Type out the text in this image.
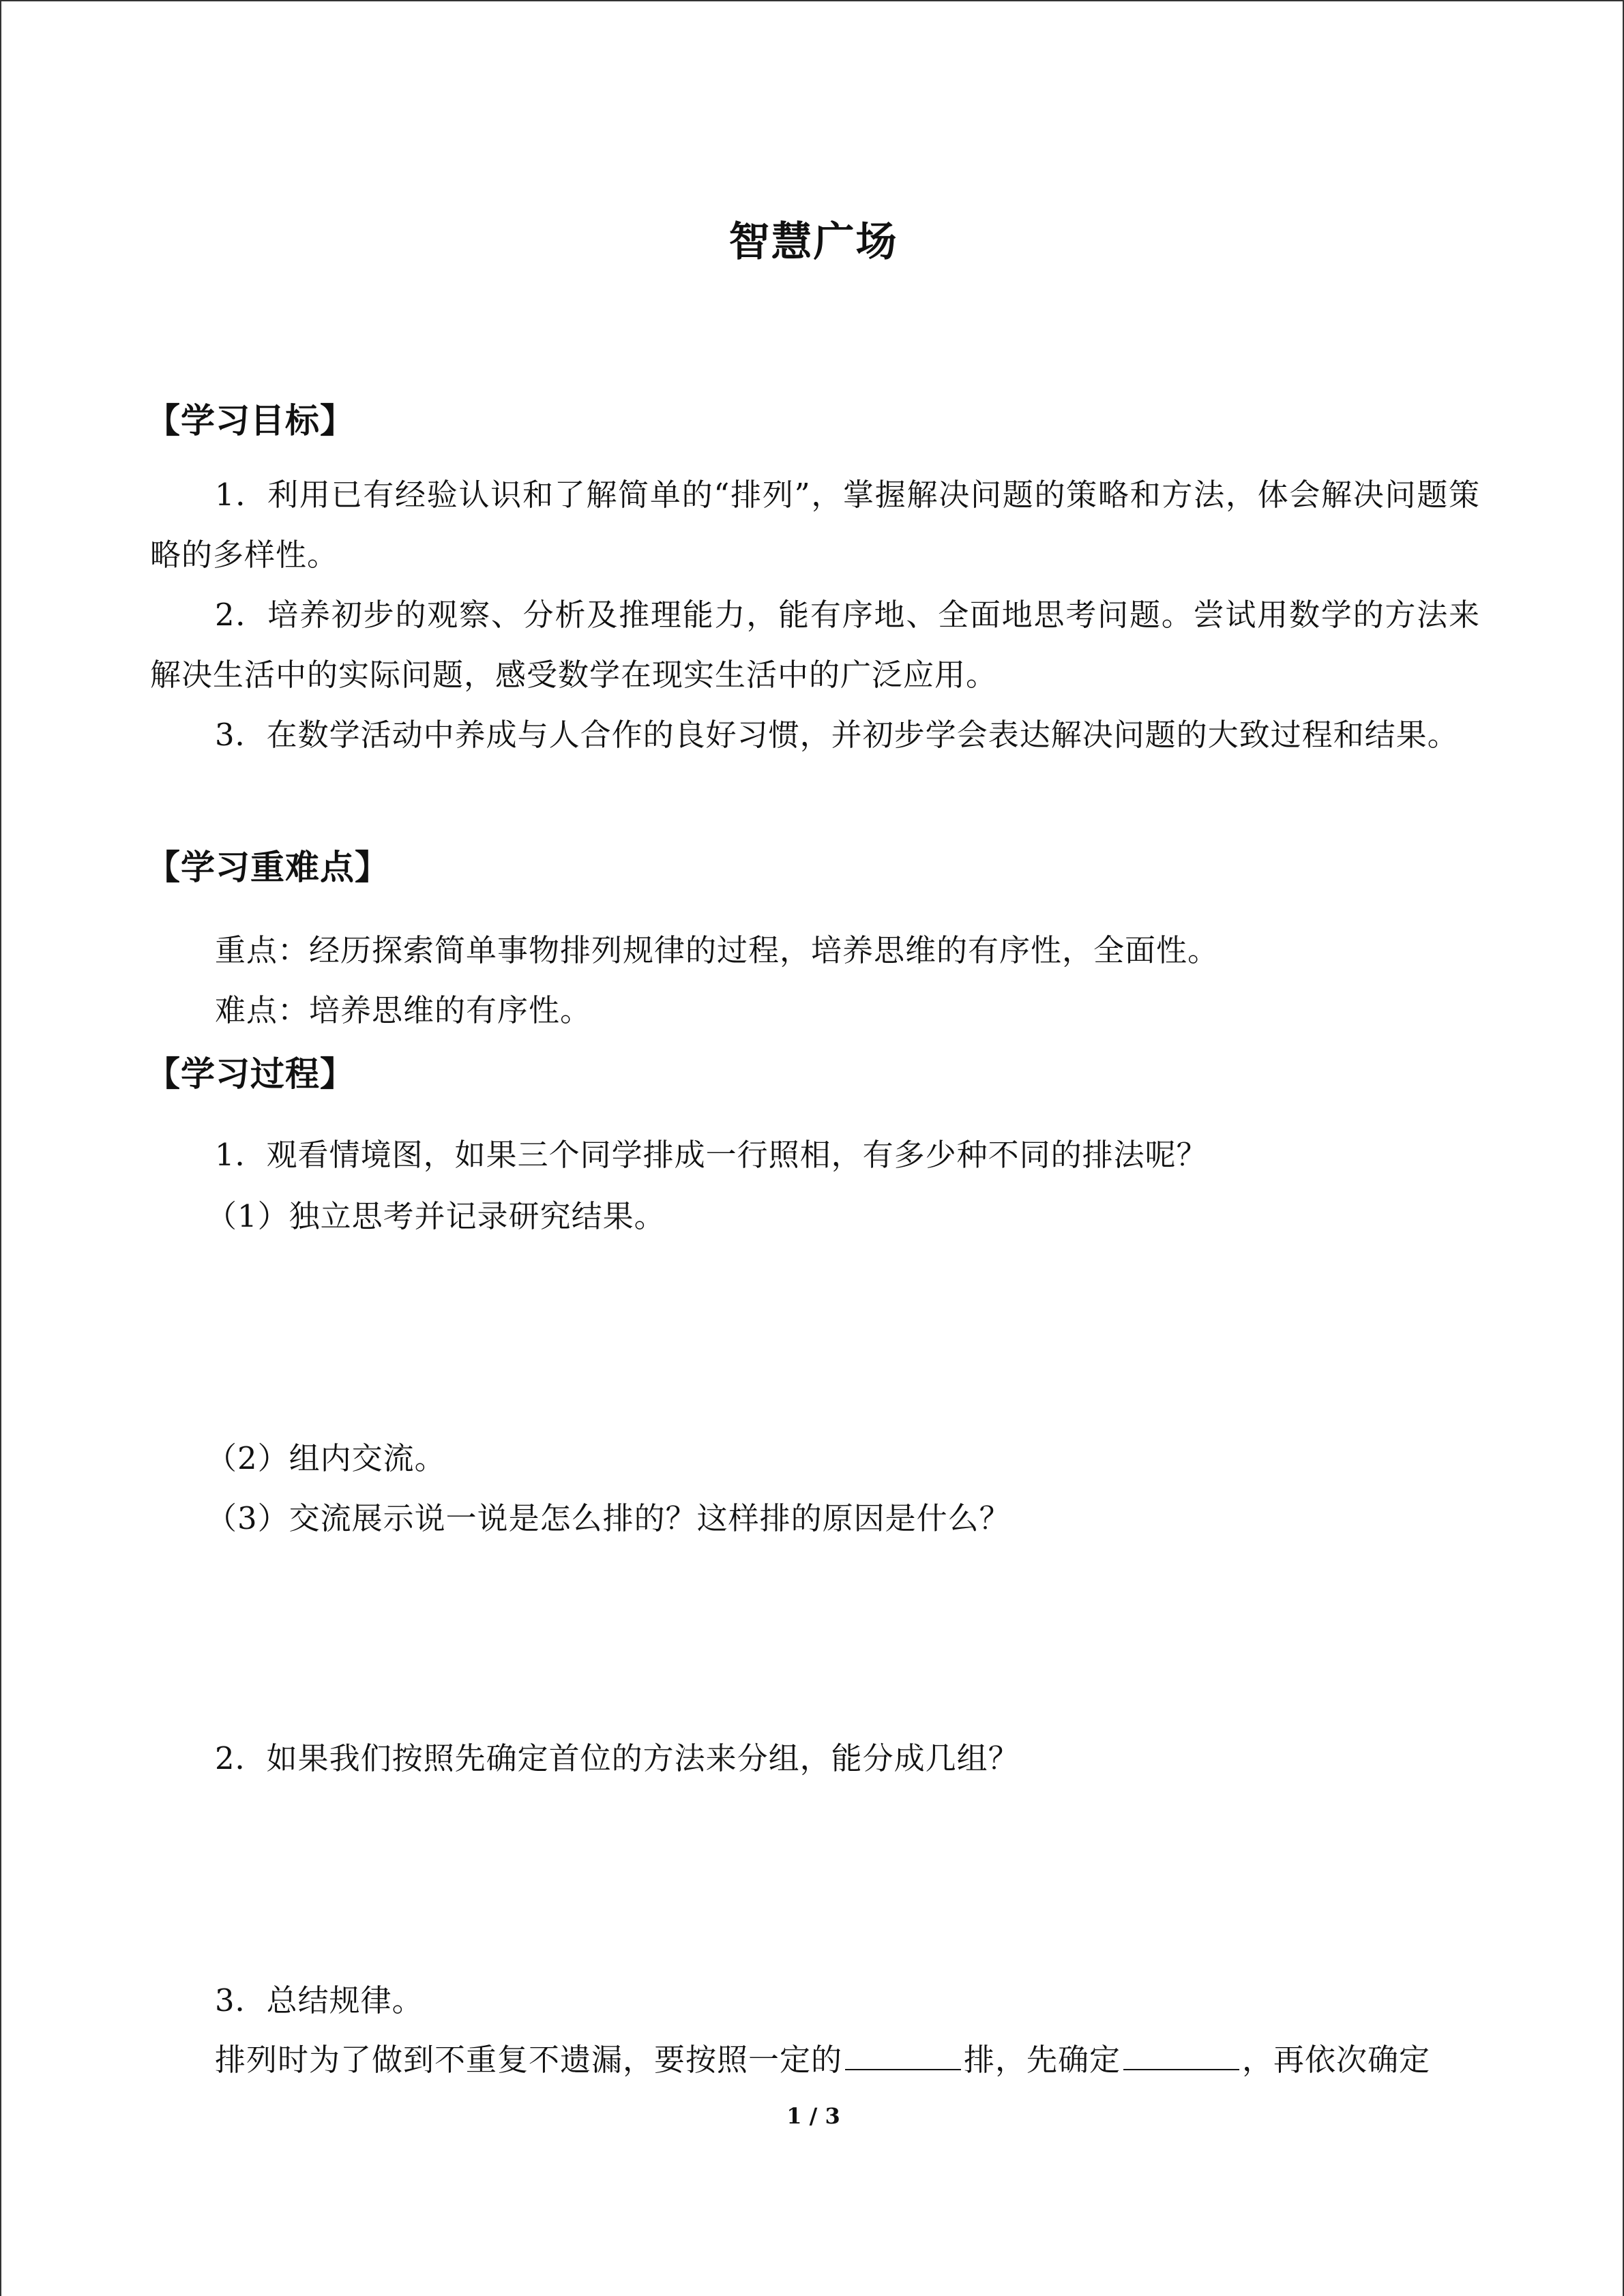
智慧广场
【学习目标】
1．利用已有经验认识和了解简单的“排列”，掌握解决问题的策略和方法，体会解决问题策略的多样性。
2．培养初步的观察、分析及推理能力，能有序地、全面地思考问题。尝试用数学的方法来解决生活中的实际问题，感受数学在现实生活中的广泛应用。
3．在数学活动中养成与人合作的良好习惯，并初步学会表达解决问题的大致过程和结果。
【学习重难点】
重点：经历探索简单事物排列规律的过程，培养思维的有序性，全面性。
难点：培养思维的有序性。
【学习过程】
1．观看情境图，如果三个同学排成一行照相，有多少种不同的排法呢？
（1）独立思考并记录研究结果。
（2）组内交流。
（3）交流展示说一说是怎么排的？这样排的原因是什么？
2．如果我们按照先确定首位的方法来分组，能分成几组？
3．总结规律。
排列时为了做到不重复不遗漏，要按照一定的	排，先确定	，再依次确定
1 / 3
